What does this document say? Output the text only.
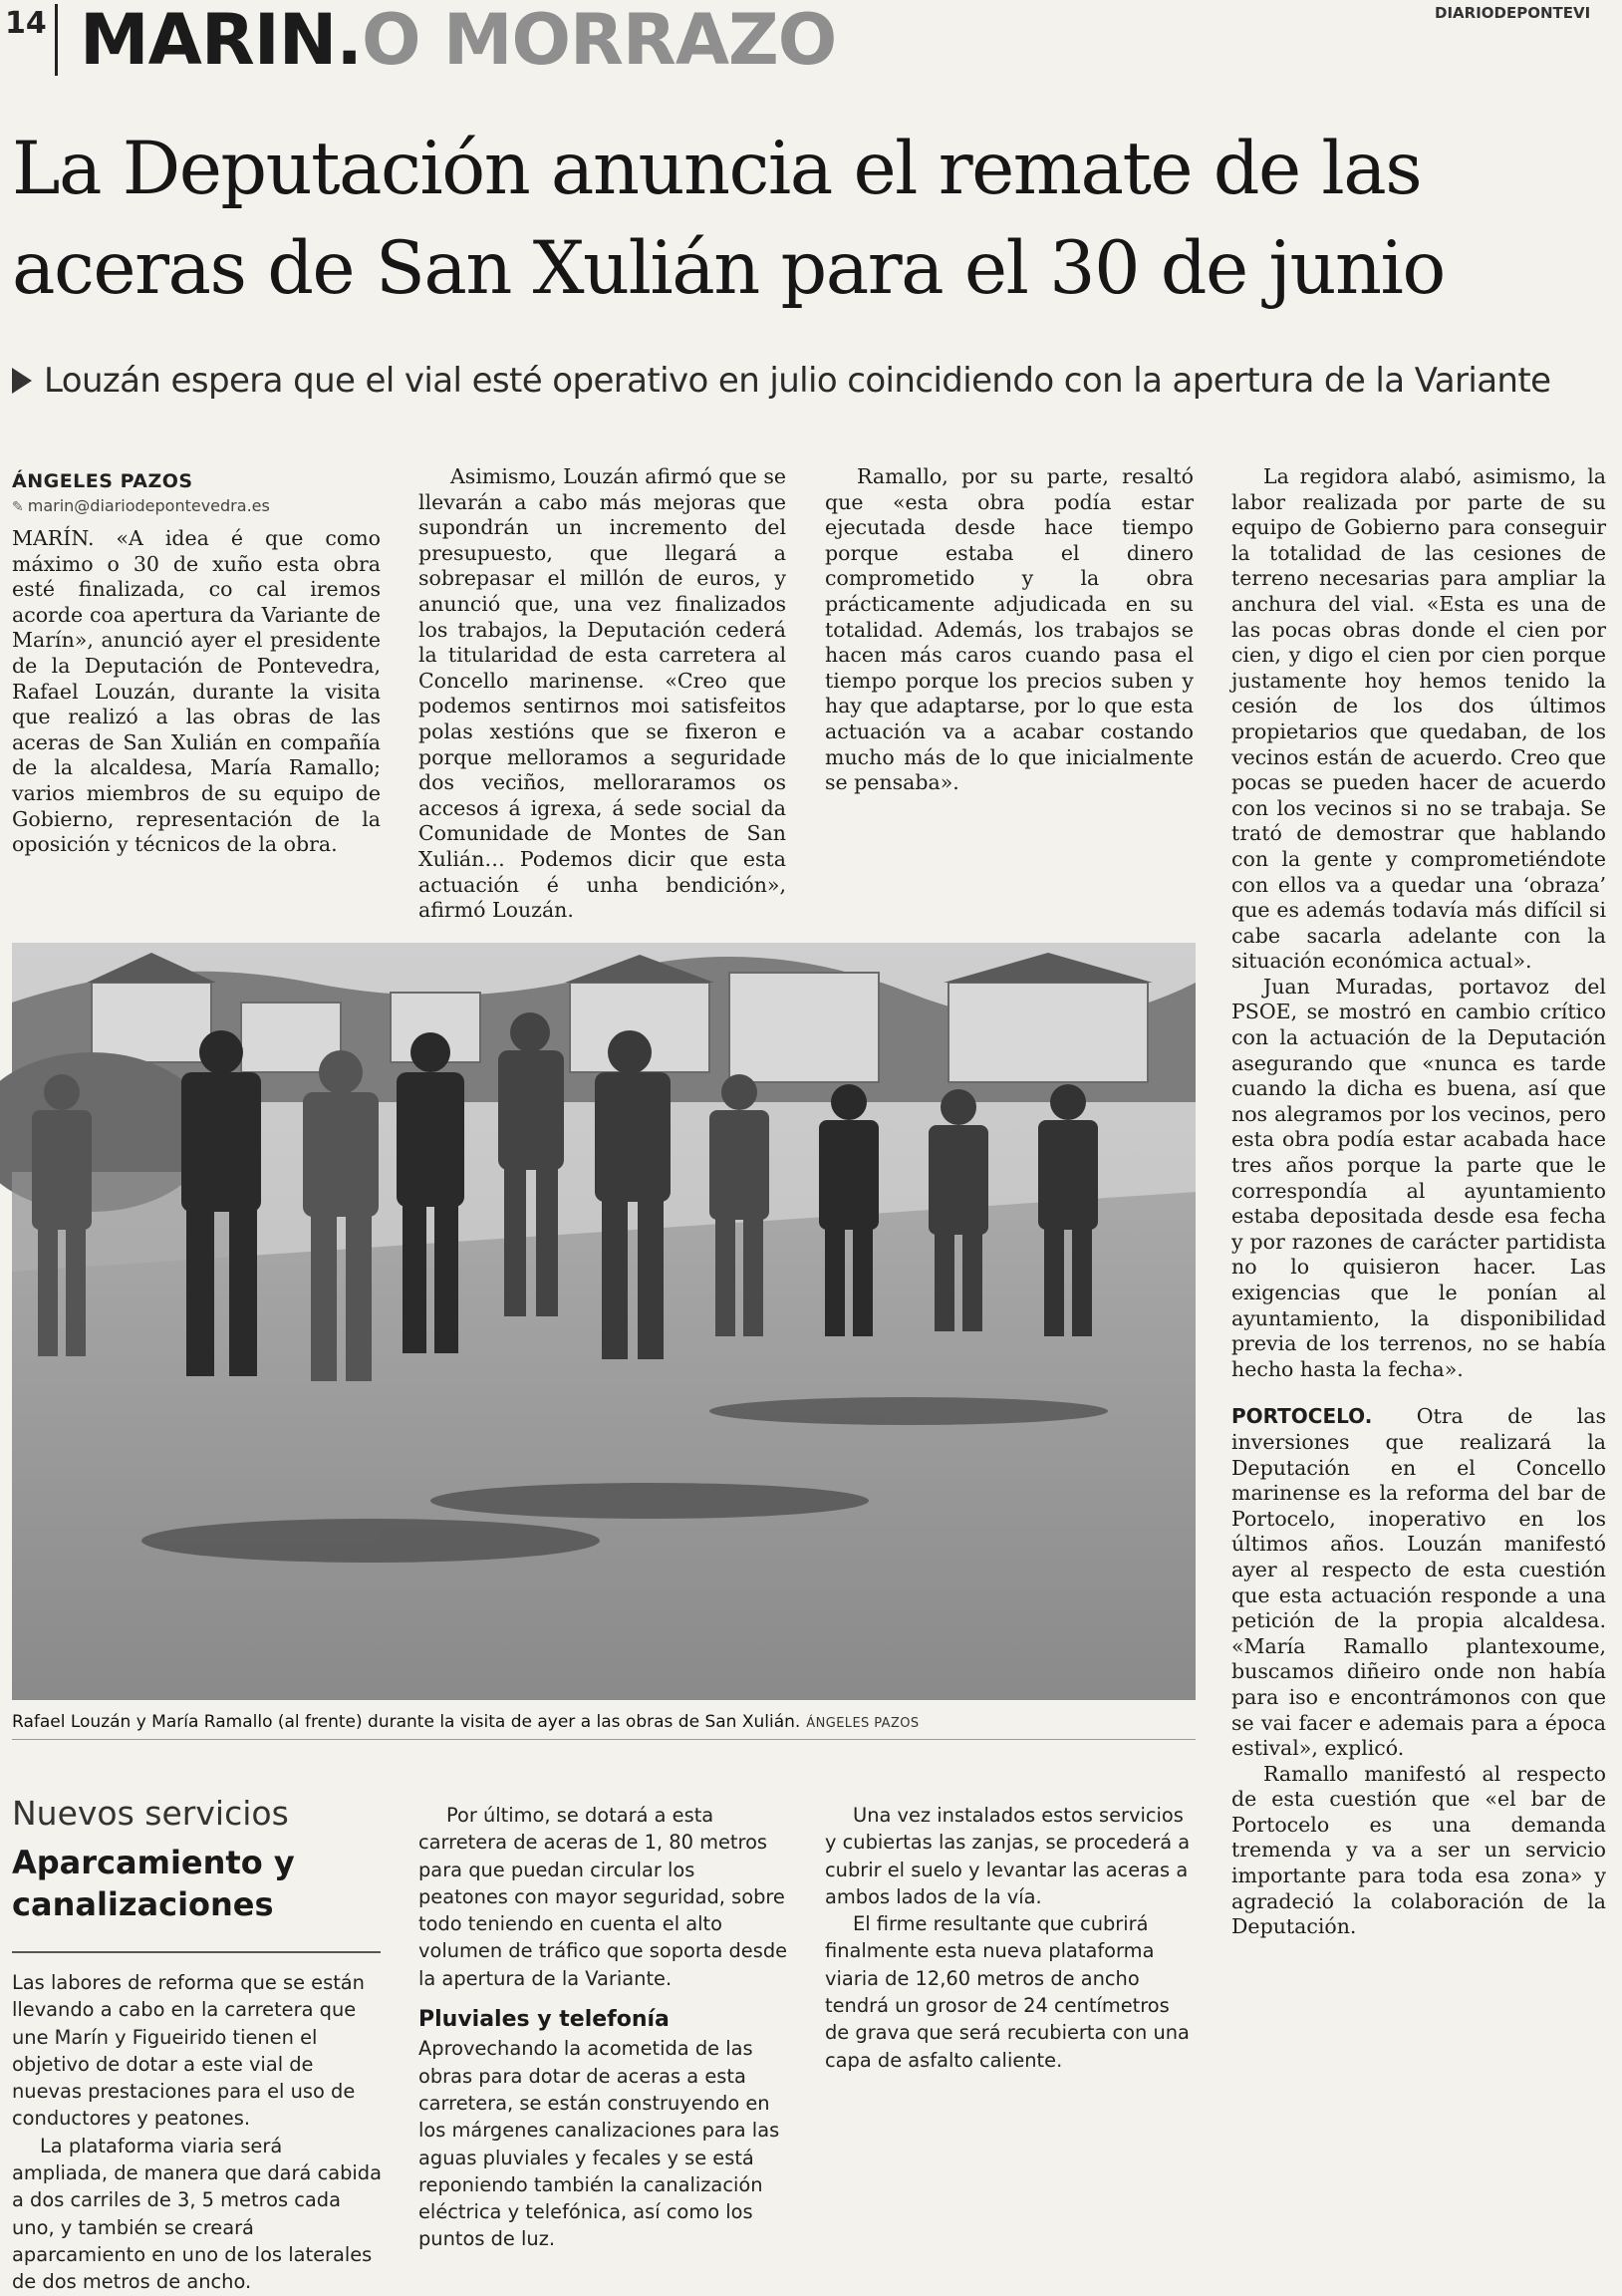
14 MARIN.O MORRAZO	DIARIODEPONTEVI
La Deputación anuncia el remate de las aceras de San Xulián para el 30 de junio
Louzán espera que el vial esté operativo en julio coincidiendo con la apertura de la Variante
ÁNGELES PAZOS
✎ marin@diariodepontevedra.es

MARÍN. «A idea é que como máximo o 30 de xuño esta obra esté finalizada, co cal iremos acorde coa apertura da Variante de Marín», anunció ayer el presidente de la Deputación de Pontevedra, Rafael Louzán, durante la visita que realizó a las obras de las aceras de San Xulián en compañía de la alcaldesa, María Ramallo; varios miembros de su equipo de Gobierno, representación de la oposición y técnicos de la obra.

Asimismo, Louzán afirmó que se llevarán a cabo más mejoras que supondrán un incremento del presupuesto, que llegará a sobrepasar el millón de euros, y anunció que, una vez finalizados los trabajos, la Deputación cederá la titularidad de esta carretera al Concello marinense. «Creo que podemos sentirnos moi satisfeitos polas xestións que se fixeron e porque melloramos a seguridade dos veciños, melloraramos os accesos á igrexa, á sede social da Comunidade de Montes de San Xulián… Podemos dicir que esta actuación é unha bendición», afirmó Louzán.

Ramallo, por su parte, resaltó que «esta obra podía estar ejecutada desde hace tiempo porque estaba el dinero comprometido y la obra prácticamente adjudicada en su totalidad. Además, los trabajos se hacen más caros cuando pasa el tiempo porque los precios suben y hay que adaptarse, por lo que esta actuación va a acabar costando mucho más de lo que inicialmente se pensaba».

La regidora alabó, asimismo, la labor realizada por parte de su equipo de Gobierno para conseguir la totalidad de las cesiones de terreno necesarias para ampliar la anchura del vial. «Esta es una de las pocas obras donde el cien por cien, y digo el cien por cien porque justamente hoy hemos tenido la cesión de los dos últimos propietarios que quedaban, de los vecinos están de acuerdo. Creo que pocas se pueden hacer de acuerdo con los vecinos si no se trabaja. Se trató de demostrar que hablando con la gente y comprometiéndote con ellos va a quedar una ‘obraza’ que es además todavía más difícil si cabe sacarla adelante con la situación económica actual».

Juan Muradas, portavoz del PSOE, se mostró en cambio crítico con la actuación de la Deputación asegurando que «nunca es tarde cuando la dicha es buena, así que nos alegramos por los vecinos, pero esta obra podía estar acabada hace tres años porque la parte que le correspondía al ayuntamiento estaba depositada desde esa fecha y por razones de carácter partidista no lo quisieron hacer. Las exigencias que le ponían al ayuntamiento, la disponibilidad previa de los terrenos, no se había hecho hasta la fecha».

PORTOCELO. Otra de las inversiones que realizará la Deputación en el Concello marinense es la reforma del bar de Portocelo, inoperativo en los últimos años. Louzán manifestó ayer al respecto de esta cuestión que esta actuación responde a una petición de la propia alcaldesa. «María Ramallo plantexoume, buscamos diñeiro onde non había para iso e encontrámonos con que se vai facer e ademais para a época estival», explicó.

Ramallo manifestó al respecto de esta cuestión que «el bar de Portocelo es una demanda tremenda y va a ser un servicio importante para toda esa zona» y agradeció la colaboración de la Deputación.

Rafael Louzán y María Ramallo (al frente) durante la visita de ayer a las obras de San Xulián. ÁNGELES PAZOS
Nuevos servicios
Aparcamiento y canalizaciones

Las labores de reforma que se están llevando a cabo en la carretera que une Marín y Figueirido tienen el objetivo de dotar a este vial de nuevas prestaciones para el uso de conductores y peatones.

La plataforma viaria será ampliada, de manera que dará cabida a dos carriles de 3, 5 metros cada uno, y también se creará aparcamiento en uno de los laterales de dos metros de ancho.

Por último, se dotará a esta carretera de aceras de 1, 80 metros para que puedan circular los peatones con mayor seguridad, sobre todo teniendo en cuenta el alto volumen de tráfico que soporta desde la apertura de la Variante.

Pluviales y telefonía

Aprovechando la acometida de las obras para dotar de aceras a esta carretera, se están construyendo en los márgenes canalizaciones para las aguas pluviales y fecales y se está reponiendo también la canalización eléctrica y telefónica, así como los puntos de luz.

Una vez instalados estos servicios y cubiertas las zanjas, se procederá a cubrir el suelo y levantar las aceras a ambos lados de la vía.

El firme resultante que cubrirá finalmente esta nueva plataforma viaria de 12,60 metros de ancho tendrá un grosor de 24 centímetros de grava que será recubierta con una capa de asfalto caliente.
